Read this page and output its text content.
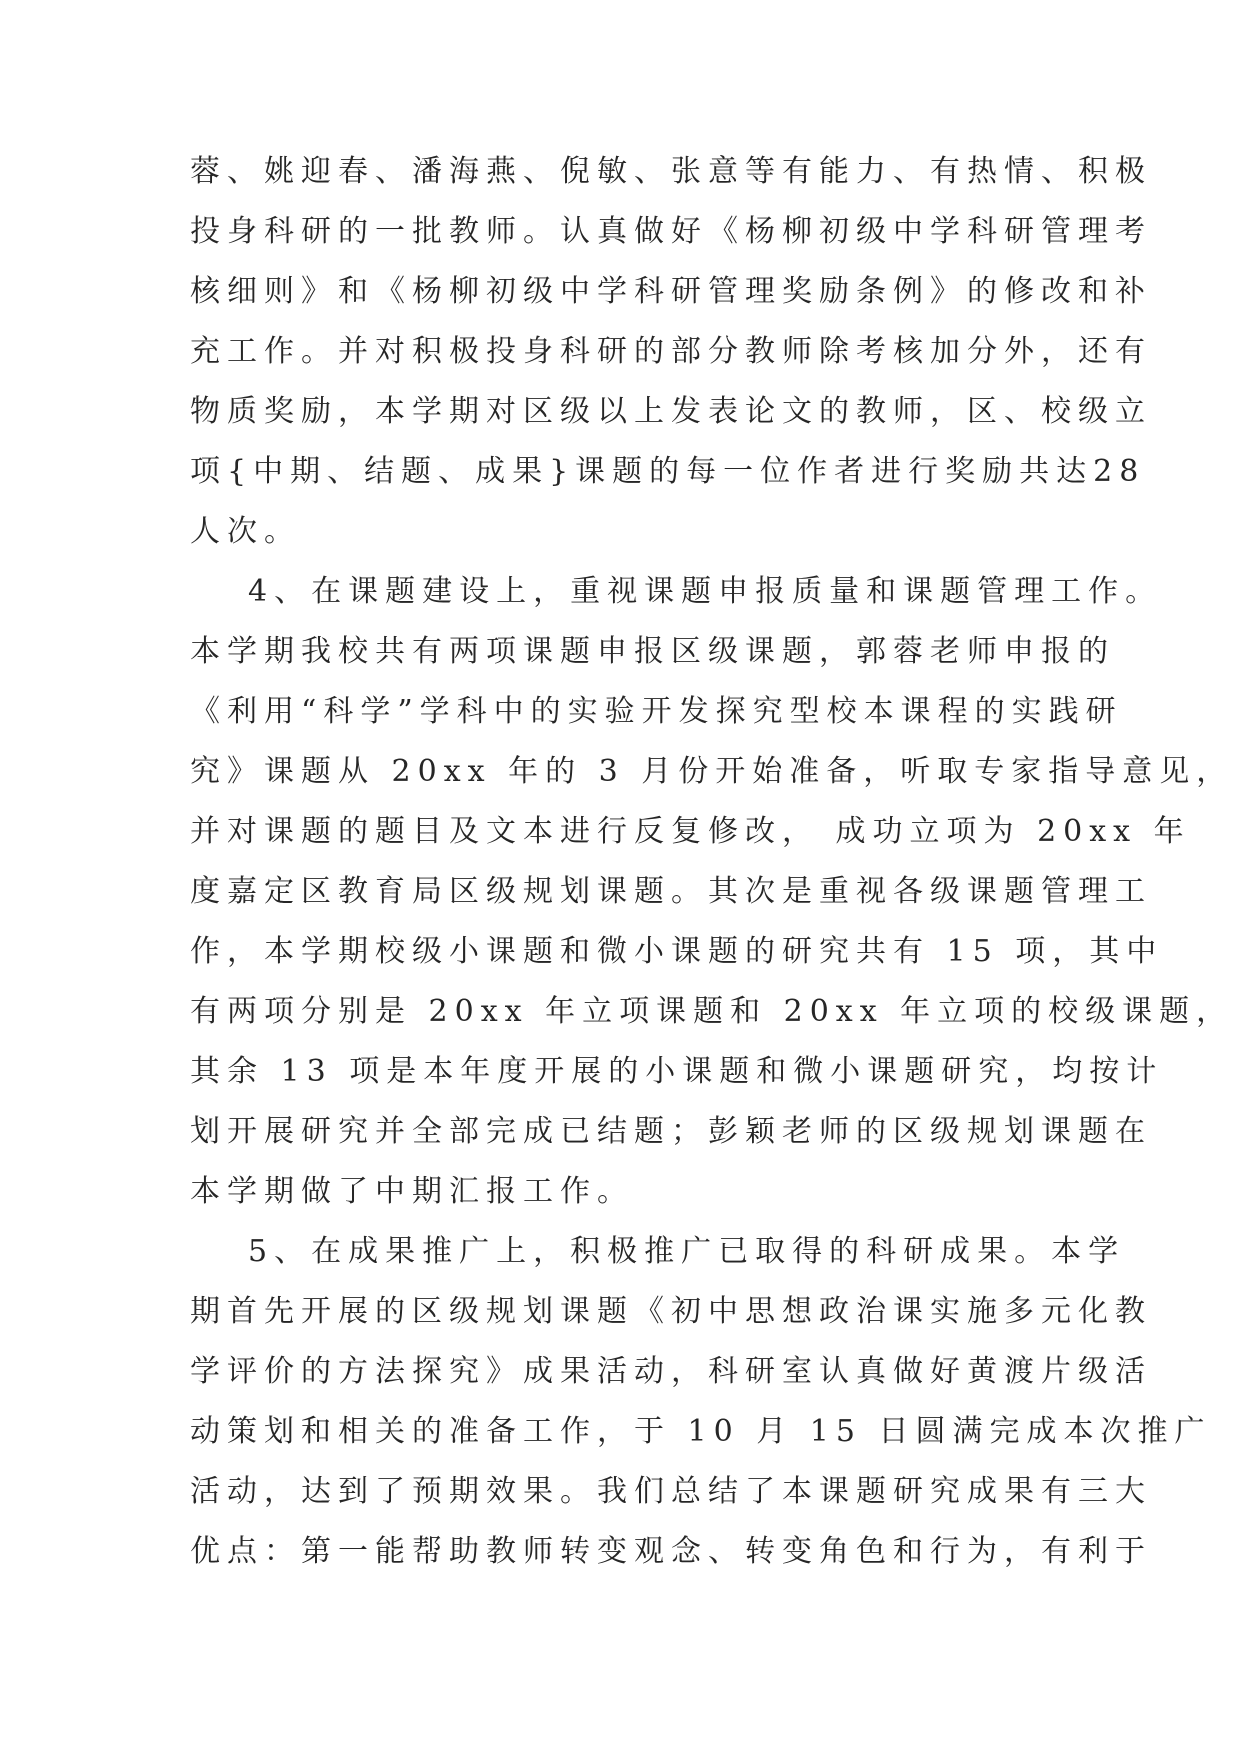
蓉、姚迎春、潘海燕、倪敏、张意等有能力、有热情、积极
投身科研的一批教师。认真做好《杨柳初级中学科研管理考
核细则》和《杨柳初级中学科研管理奖励条例》的修改和补
充工作。并对积极投身科研的部分教师除考核加分外，还有
物质奖励，本学期对区级以上发表论文的教师，区、校级立
项{中期、结题、成果}课题的每一位作者进行奖励共达28
人次。
4、在课题建设上，重视课题申报质量和课题管理工作。
本学期我校共有两项课题申报区级课题，郭蓉老师申报的
《利用“科学”学科中的实验开发探究型校本课程的实践研
究》课题从 20xx 年的 3 月份开始准备，听取专家指导意见，
并对课题的题目及文本进行反复修改， 成功立项为 20xx 年
度嘉定区教育局区级规划课题。其次是重视各级课题管理工
作，本学期校级小课题和微小课题的研究共有 15 项，其中
有两项分别是 20xx 年立项课题和 20xx 年立项的校级课题，
其余 13 项是本年度开展的小课题和微小课题研究，均按计
划开展研究并全部完成已结题；彭颖老师的区级规划课题在
本学期做了中期汇报工作。
5、在成果推广上，积极推广已取得的科研成果。本学
期首先开展的区级规划课题《初中思想政治课实施多元化教
学评价的方法探究》成果活动，科研室认真做好黄渡片级活
动策划和相关的准备工作，于 10 月 15 日圆满完成本次推广
活动，达到了预期效果。我们总结了本课题研究成果有三大
优点：第一能帮助教师转变观念、转变角色和行为，有利于
